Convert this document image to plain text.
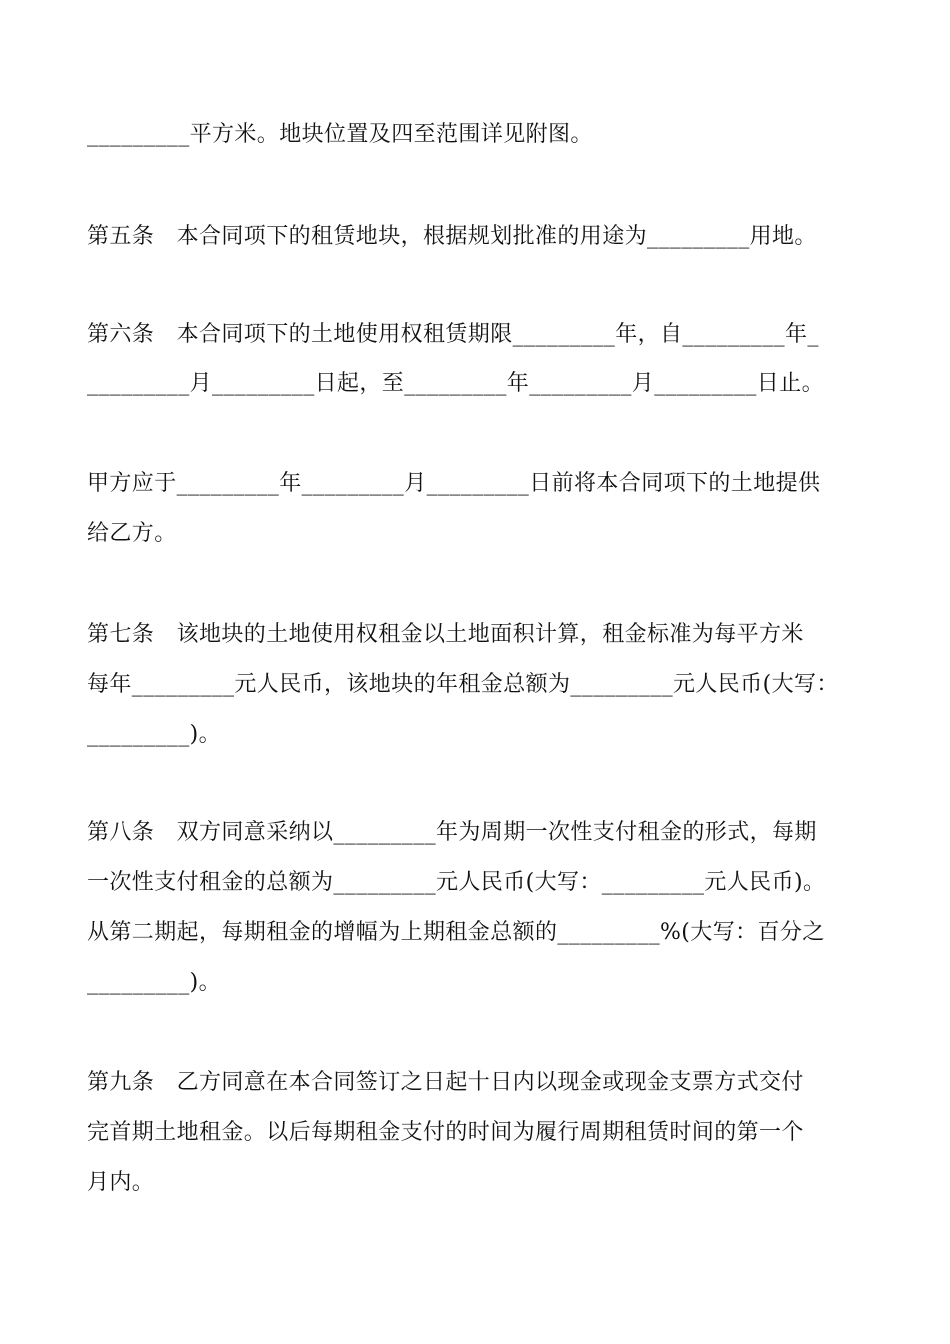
_________平方米。地块位置及四至范围详见附图。
第五条　本合同项下的租赁地块，根据规划批准的用途为_________用地。
第六条　本合同项下的土地使用权租赁期限_________年，自_________年_
_________月_________日起，至_________年_________月_________日止。
甲方应于_________年_________月_________日前将本合同项下的土地提供
给乙方。
第七条　该地块的土地使用权租金以土地面积计算，租金标准为每平方米
每年_________元人民币，该地块的年租金总额为_________元人民币(大写：
_________)。
第八条　双方同意采纳以_________年为周期一次性支付租金的形式，每期
一次性支付租金的总额为_________元人民币(大写：_________元人民币)。
从第二期起，每期租金的增幅为上期租金总额的_________%(大写：百分之
_________)。
第九条　乙方同意在本合同签订之日起十日内以现金或现金支票方式交付
完首期土地租金。以后每期租金支付的时间为履行周期租赁时间的第一个
月内。
